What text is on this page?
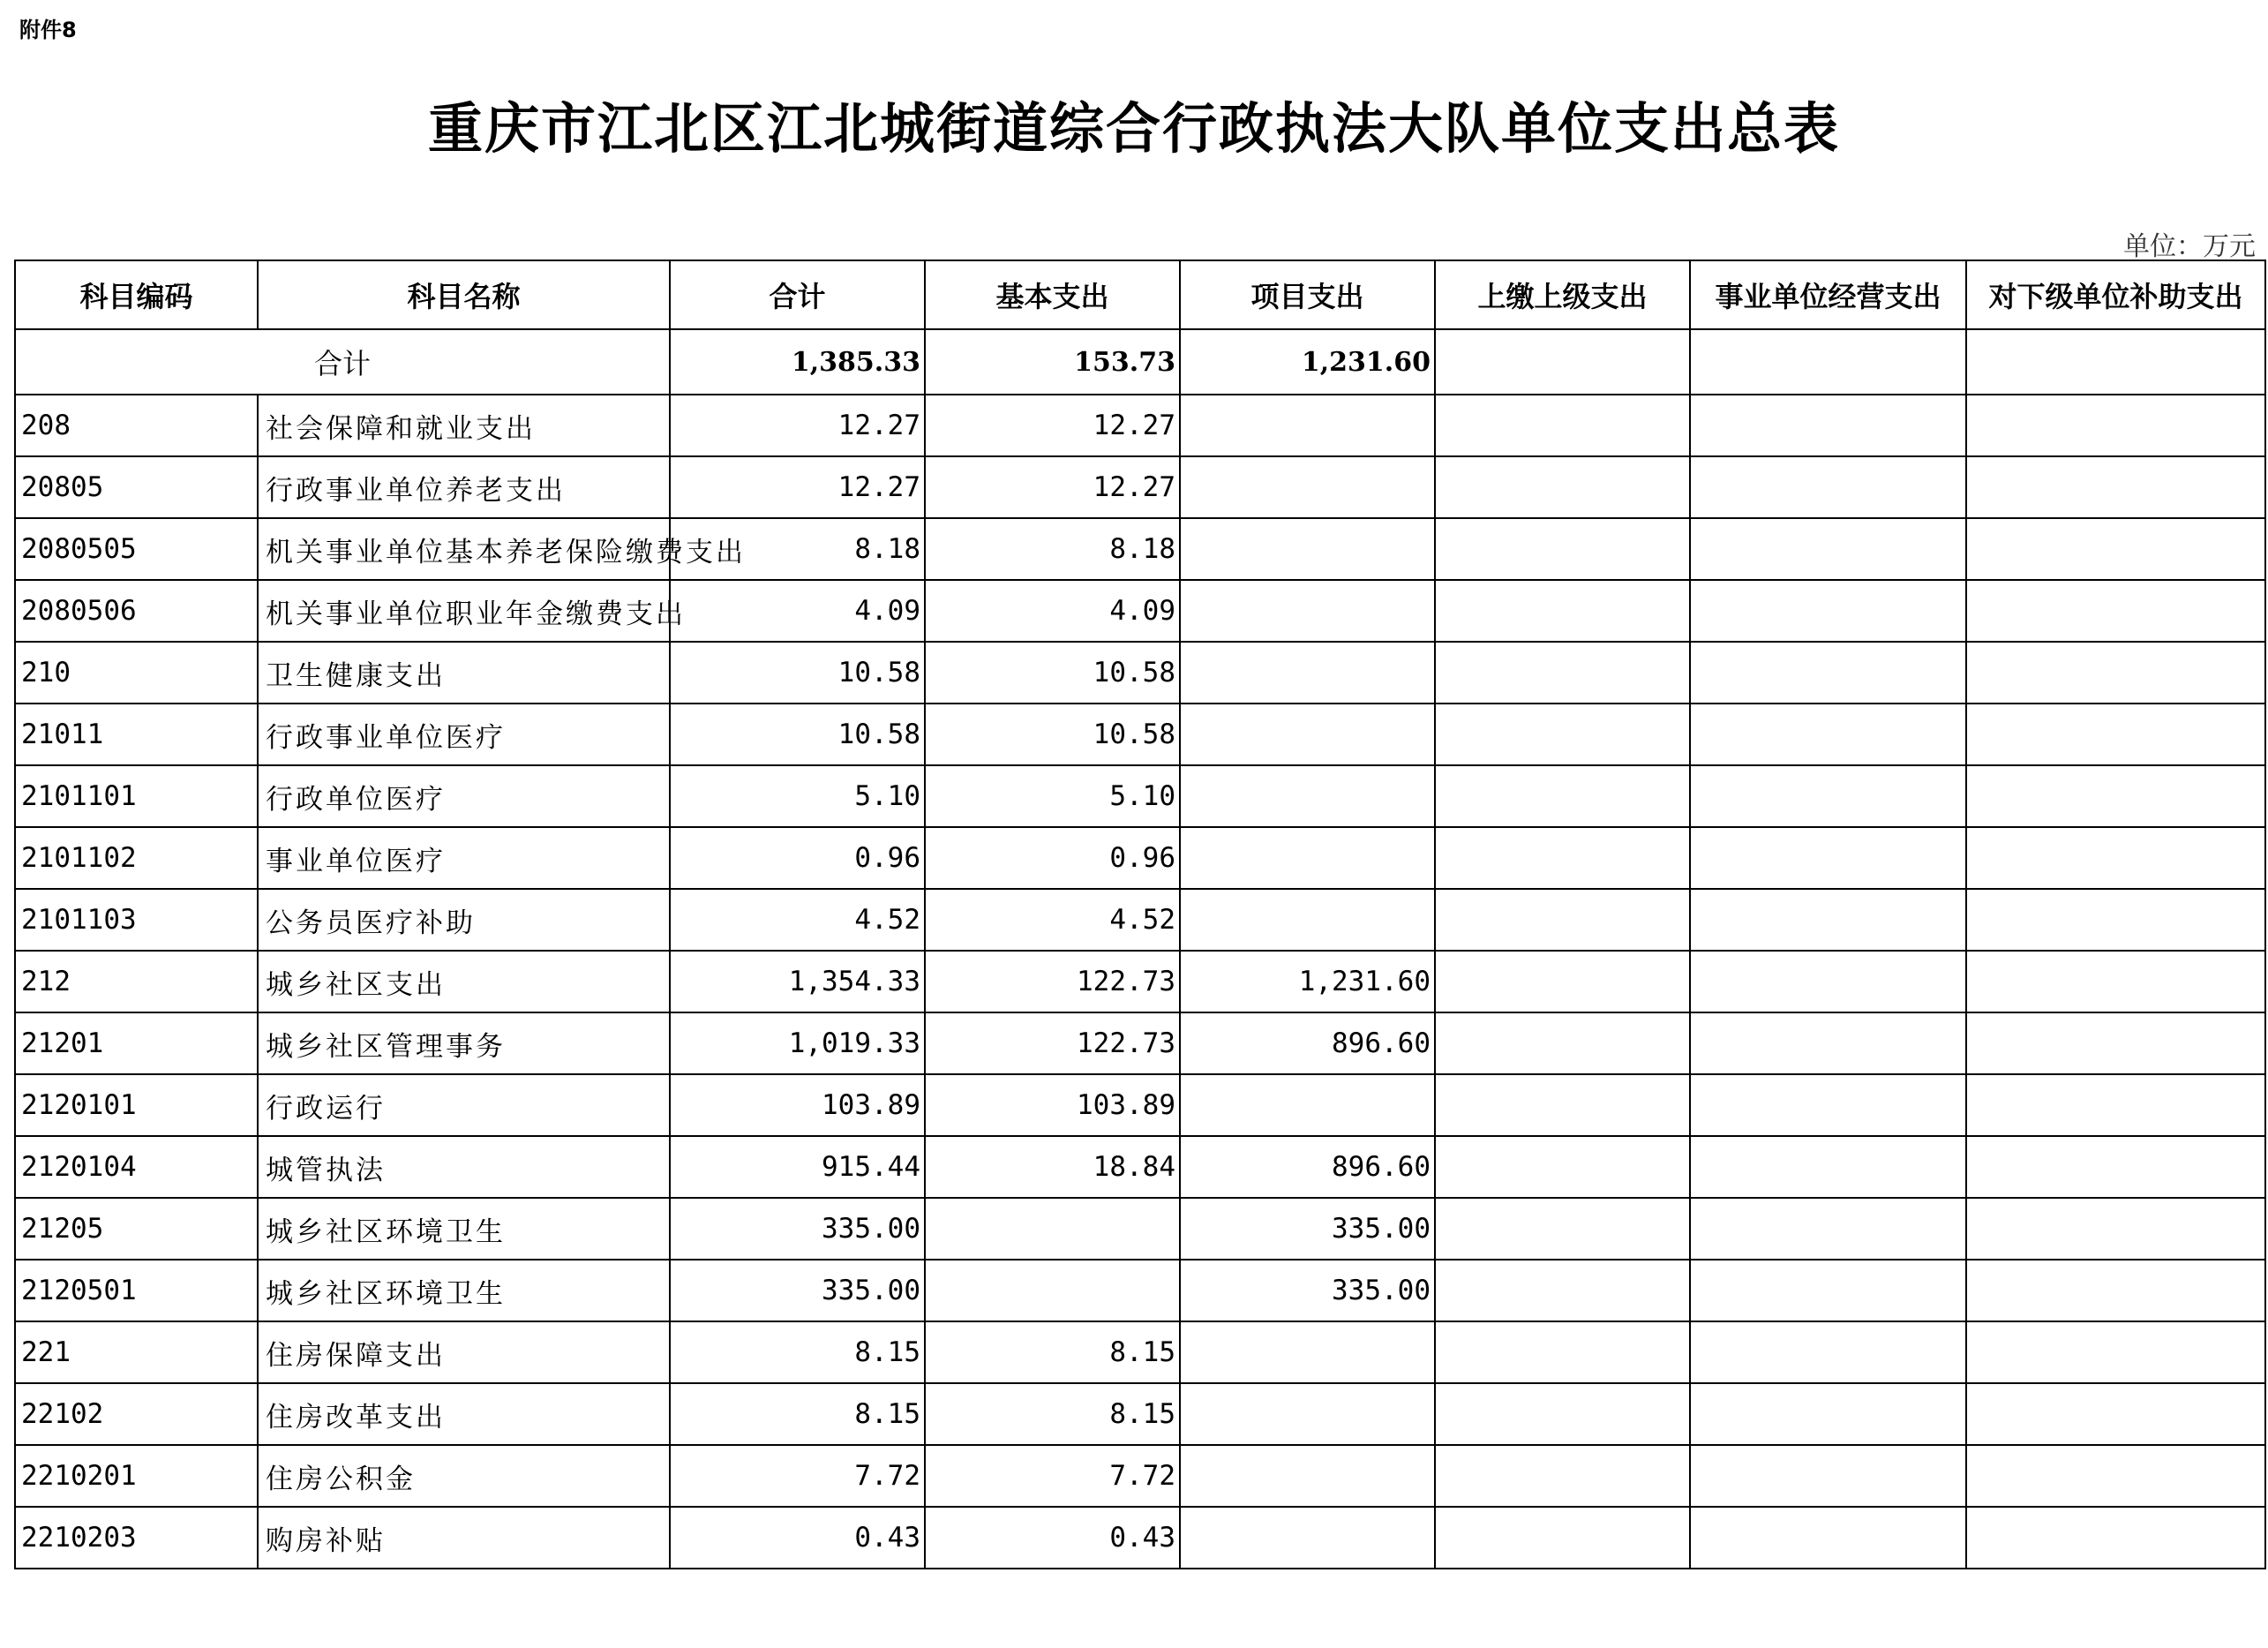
附件8
重庆市江北区江北城街道综合行政执法大队单位支出总表
单位：万元
科目编码	科目名称	合计	基本支出	项目支出	上缴上级支出	事业单位经营支出	对下级单位补助支出
合计		1,385.33	153.73	1,231.60			
208	社会保障和就业支出	12.27	12.27				
20805	行政事业单位养老支出	12.27	12.27				
2080505	机关事业单位基本养老保险缴费支出	8.18	8.18				
2080506	机关事业单位职业年金缴费支出	4.09	4.09				
210	卫生健康支出	10.58	10.58				
21011	行政事业单位医疗	10.58	10.58				
2101101	行政单位医疗	5.10	5.10				
2101102	事业单位医疗	0.96	0.96				
2101103	公务员医疗补助	4.52	4.52				
212	城乡社区支出	1,354.33	122.73	1,231.60			
21201	城乡社区管理事务	1,019.33	122.73	896.60			
2120101	行政运行	103.89	103.89				
2120104	城管执法	915.44	18.84	896.60			
21205	城乡社区环境卫生	335.00		335.00			
2120501	城乡社区环境卫生	335.00		335.00			
221	住房保障支出	8.15	8.15				
22102	住房改革支出	8.15	8.15				
2210201	住房公积金	7.72	7.72				
2210203	购房补贴	0.43	0.43				
